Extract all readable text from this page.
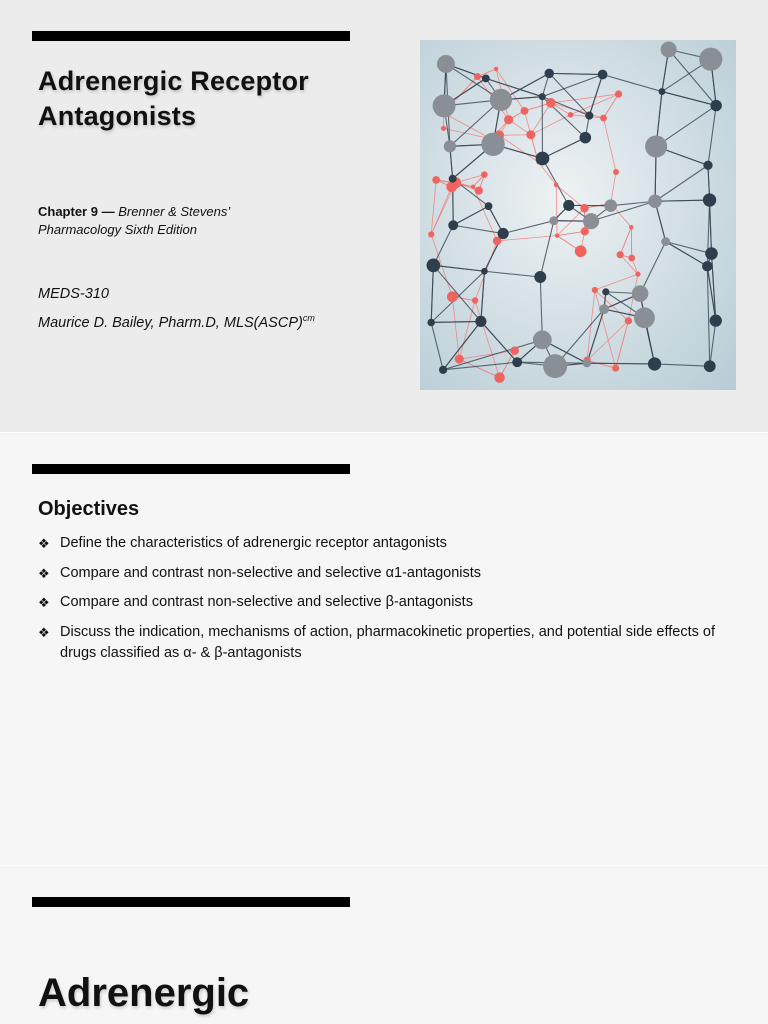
Adrenergic Receptor
Antagonists
Chapter 9 — Brenner & Stevens’
Pharmacology Sixth Edition
MEDS-310
Maurice D. Bailey, Pharm.D, MLS(ASCP)$^{cm}$
Objectives
❖ Define the characteristics of adrenergic receptor antagonists
❖ Compare and contrast non-selective and selective α1-antagonists
❖ Compare and contrast non-selective and selective β-antagonists
❖ Discuss the indication, mechanisms of action, pharmacokinetic properties, and potential side effects of drugs classified as α- & β-antagonists
Adrenergic
